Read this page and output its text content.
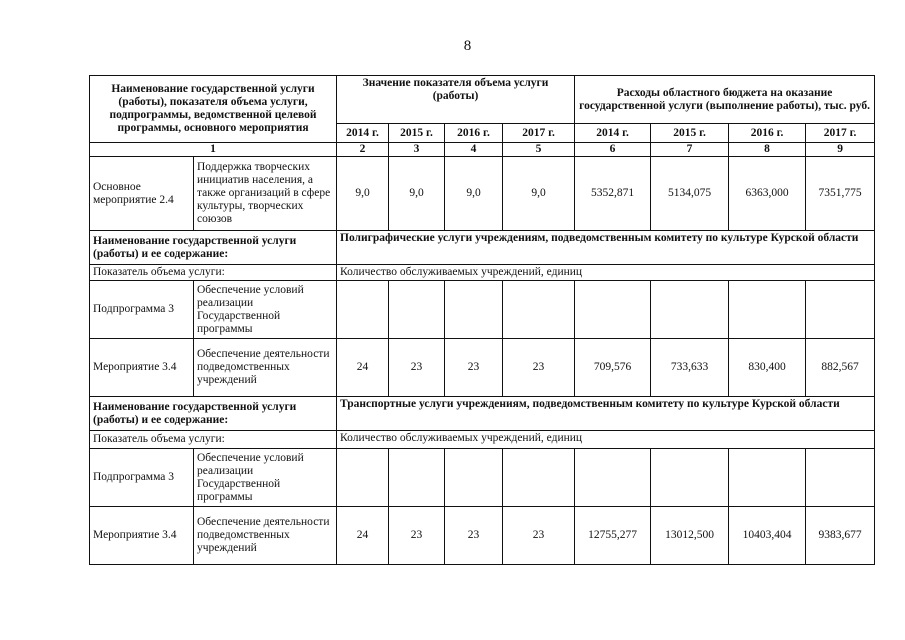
8
Наименование государственной услуги (работы), показателя объема услуги, подпрограммы, ведомственной целевой программы, основного мероприятия		Значение показателя объема услуги (работы)				Расходы областного бюджета на оказание государственной услуги (выполнение работы), тыс. руб.			
		2014 г.	2015 г.	2016 г.	2017 г.	2014 г.	2015 г.	2016 г.	2017 г.
1		2	3	4	5	6	7	8	9
Основное мероприятие 2.4	Поддержка творческих инициатив населения, а также организаций в сфере культуры, творческих союзов	9,0	9,0	9,0	9,0	5352,871	5134,075	6363,000	7351,775
Наименование государственной услуги (работы) и ее содержание:		Полиграфические услуги учреждениям, подведомственным комитету по культуре Курской области							
Показатель объема услуги:		Количество обслуживаемых учреждений, единиц							
Подпрограмма 3	Обеспечение условий реализации Государственной программы								
Мероприятие 3.4	Обеспечение деятельности подведомственных учреждений	24	23	23	23	709,576	733,633	830,400	882,567
Наименование государственной услуги (работы) и ее содержание:		Транспортные услуги учреждениям, подведомственным комитету по культуре Курской области							
Показатель объема услуги:		Количество обслуживаемых учреждений, единиц							
Подпрограмма 3	Обеспечение условий реализации Государственной программы								
Мероприятие 3.4	Обеспечение деятельности подведомственных учреждений	24	23	23	23	12755,277	13012,500	10403,404	9383,677
